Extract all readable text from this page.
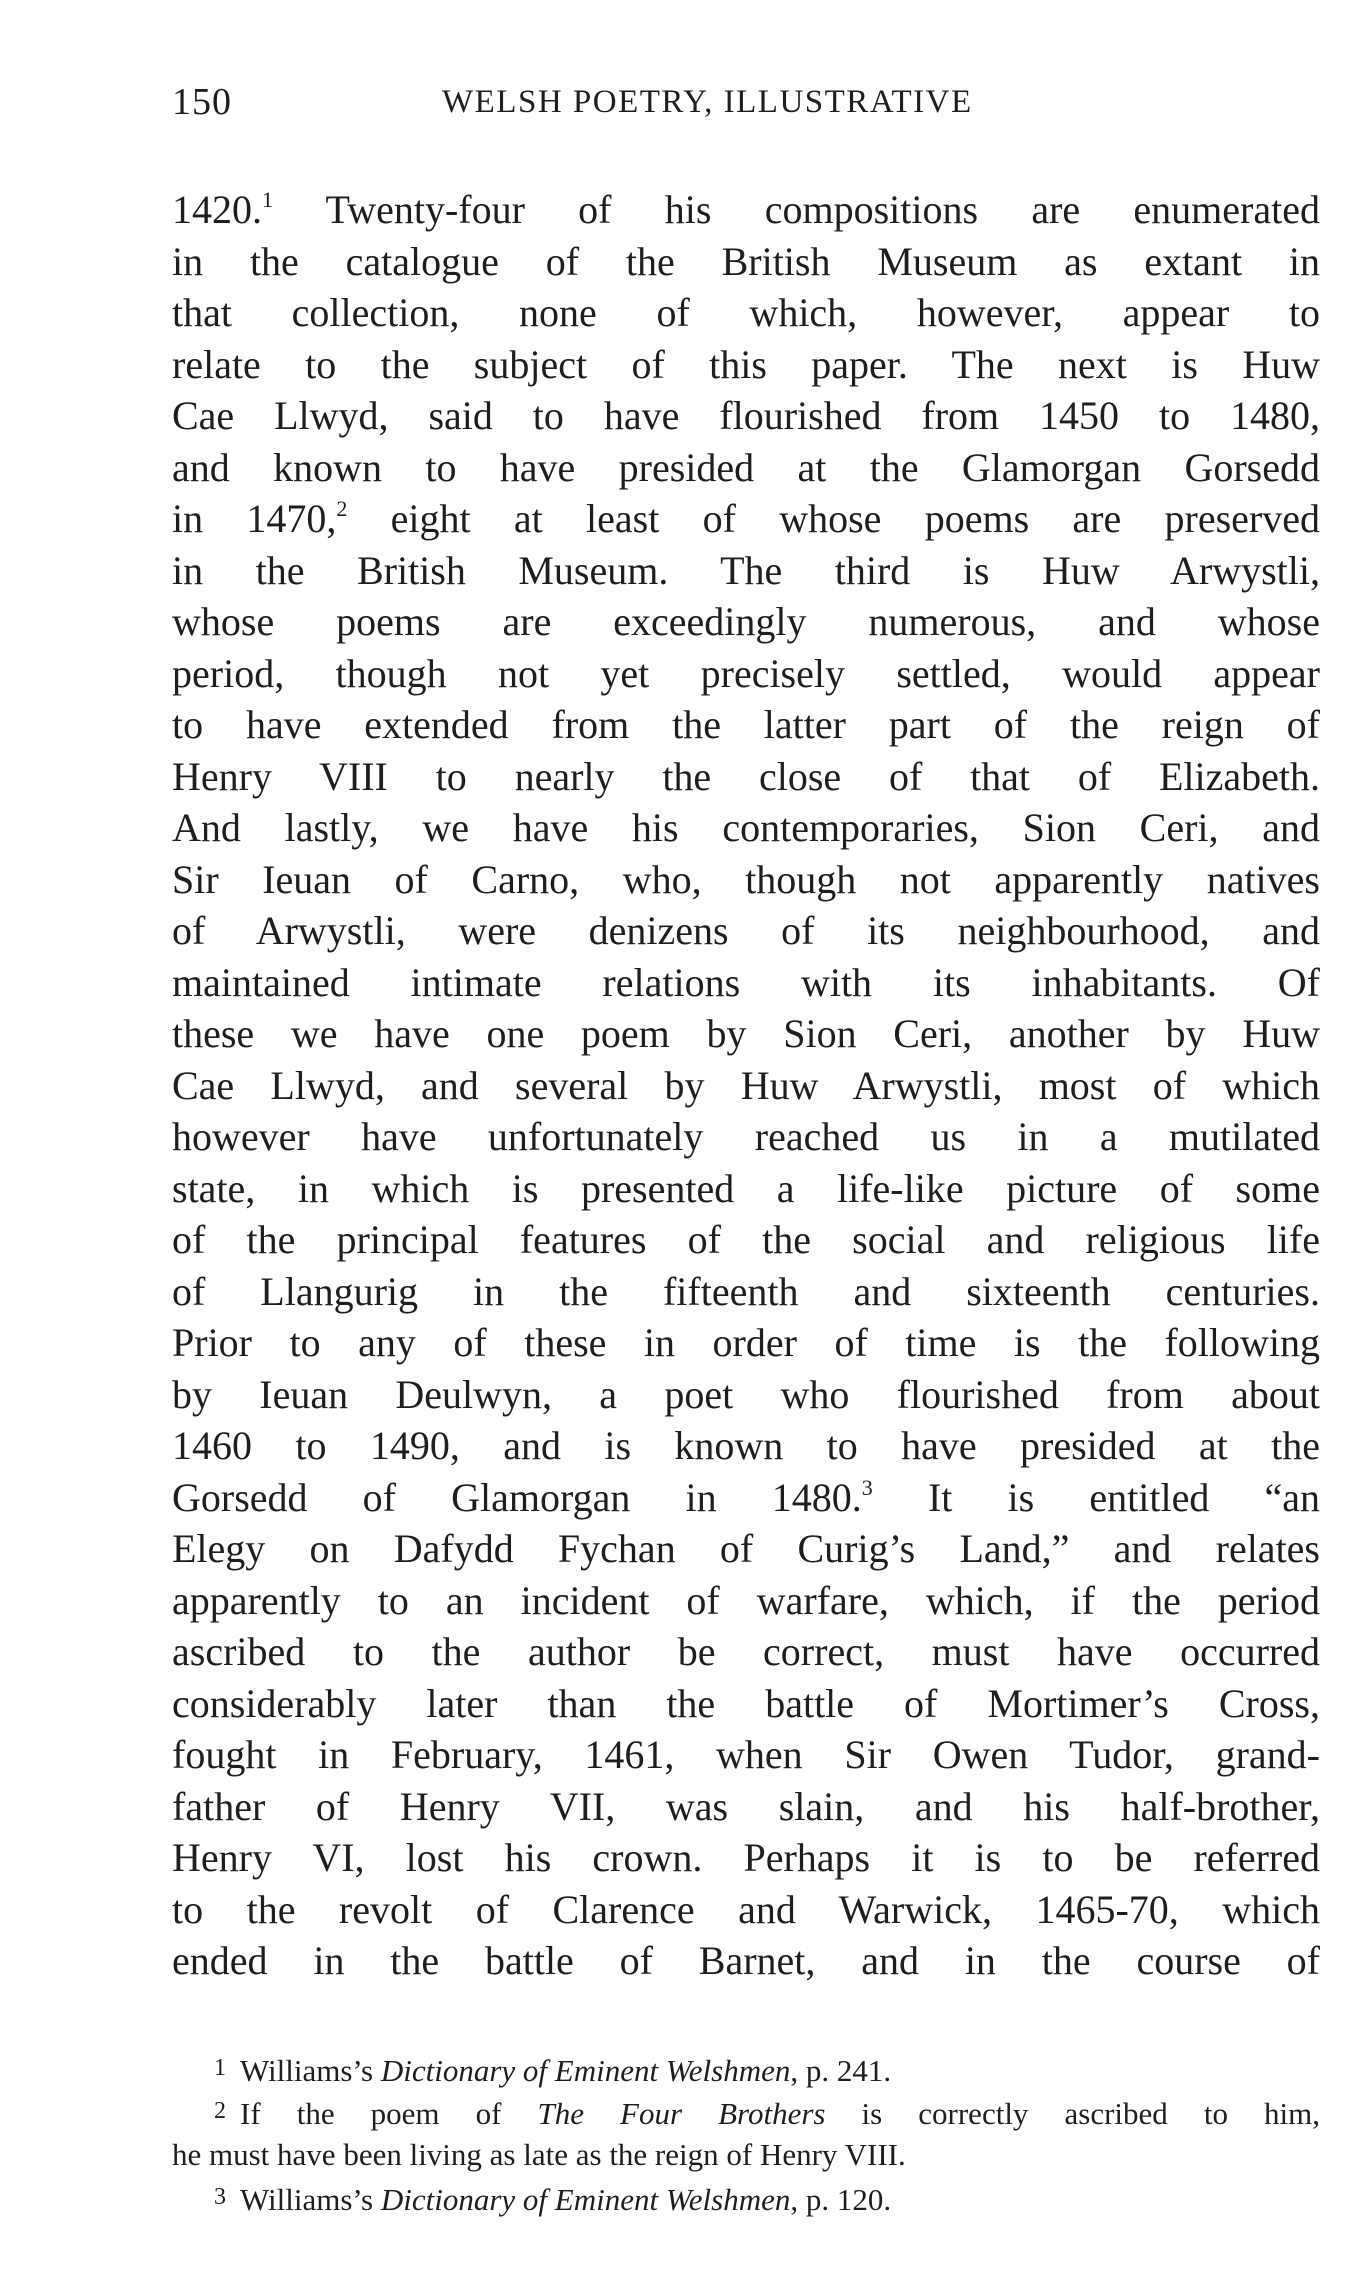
150	WELSH POETRY, ILLUSTRATIVE
1420.$^1$ Twenty-four of his compositions are enumerated
in the catalogue of the British Museum as extant in
that collection, none of which, however, appear to
relate to the subject of this paper. The next is Huw
Cae Llwyd, said to have flourished from 1450 to 1480,
and known to have presided at the Glamorgan Gorsedd
in 1470,$^2$ eight at least of whose poems are preserved
in the British Museum. The third is Huw Arwystli,
whose poems are exceedingly numerous, and whose
period, though not yet precisely settled, would appear
to have extended from the latter part of the reign of
Henry VIII to nearly the close of that of Elizabeth.
And lastly, we have his contemporaries, Sion Ceri, and
Sir Ieuan of Carno, who, though not apparently natives
of Arwystli, were denizens of its neighbourhood, and
maintained intimate relations with its inhabitants. Of
these we have one poem by Sion Ceri, another by Huw
Cae Llwyd, and several by Huw Arwystli, most of which
however have unfortunately reached us in a mutilated
state, in which is presented a life-like picture of some
of the principal features of the social and religious life
of Llangurig in the fifteenth and sixteenth centuries.
Prior to any of these in order of time is the following
by Ieuan Deulwyn, a poet who flourished from about
1460 to 1490, and is known to have presided at the
Gorsedd of Glamorgan in 1480.$^3$ It is entitled “an
Elegy on Dafydd Fychan of Curig’s Land,” and relates
apparently to an incident of warfare, which, if the period
ascribed to the author be correct, must have occurred
considerably later than the battle of Mortimer’s Cross,
fought in February, 1461, when Sir Owen Tudor, grand-
father of Henry VII, was slain, and his half-brother,
Henry VI, lost his crown. Perhaps it is to be referred
to the revolt of Clarence and Warwick, 1465-70, which
ended in the battle of Barnet, and in the course of
1 Williams’s Dictionary of Eminent Welshmen, p. 241.
2 If the poem of The Four Brothers is correctly ascribed to him,
he must have been living as late as the reign of Henry VIII.
3 Williams’s Dictionary of Eminent Welshmen, p. 120.
